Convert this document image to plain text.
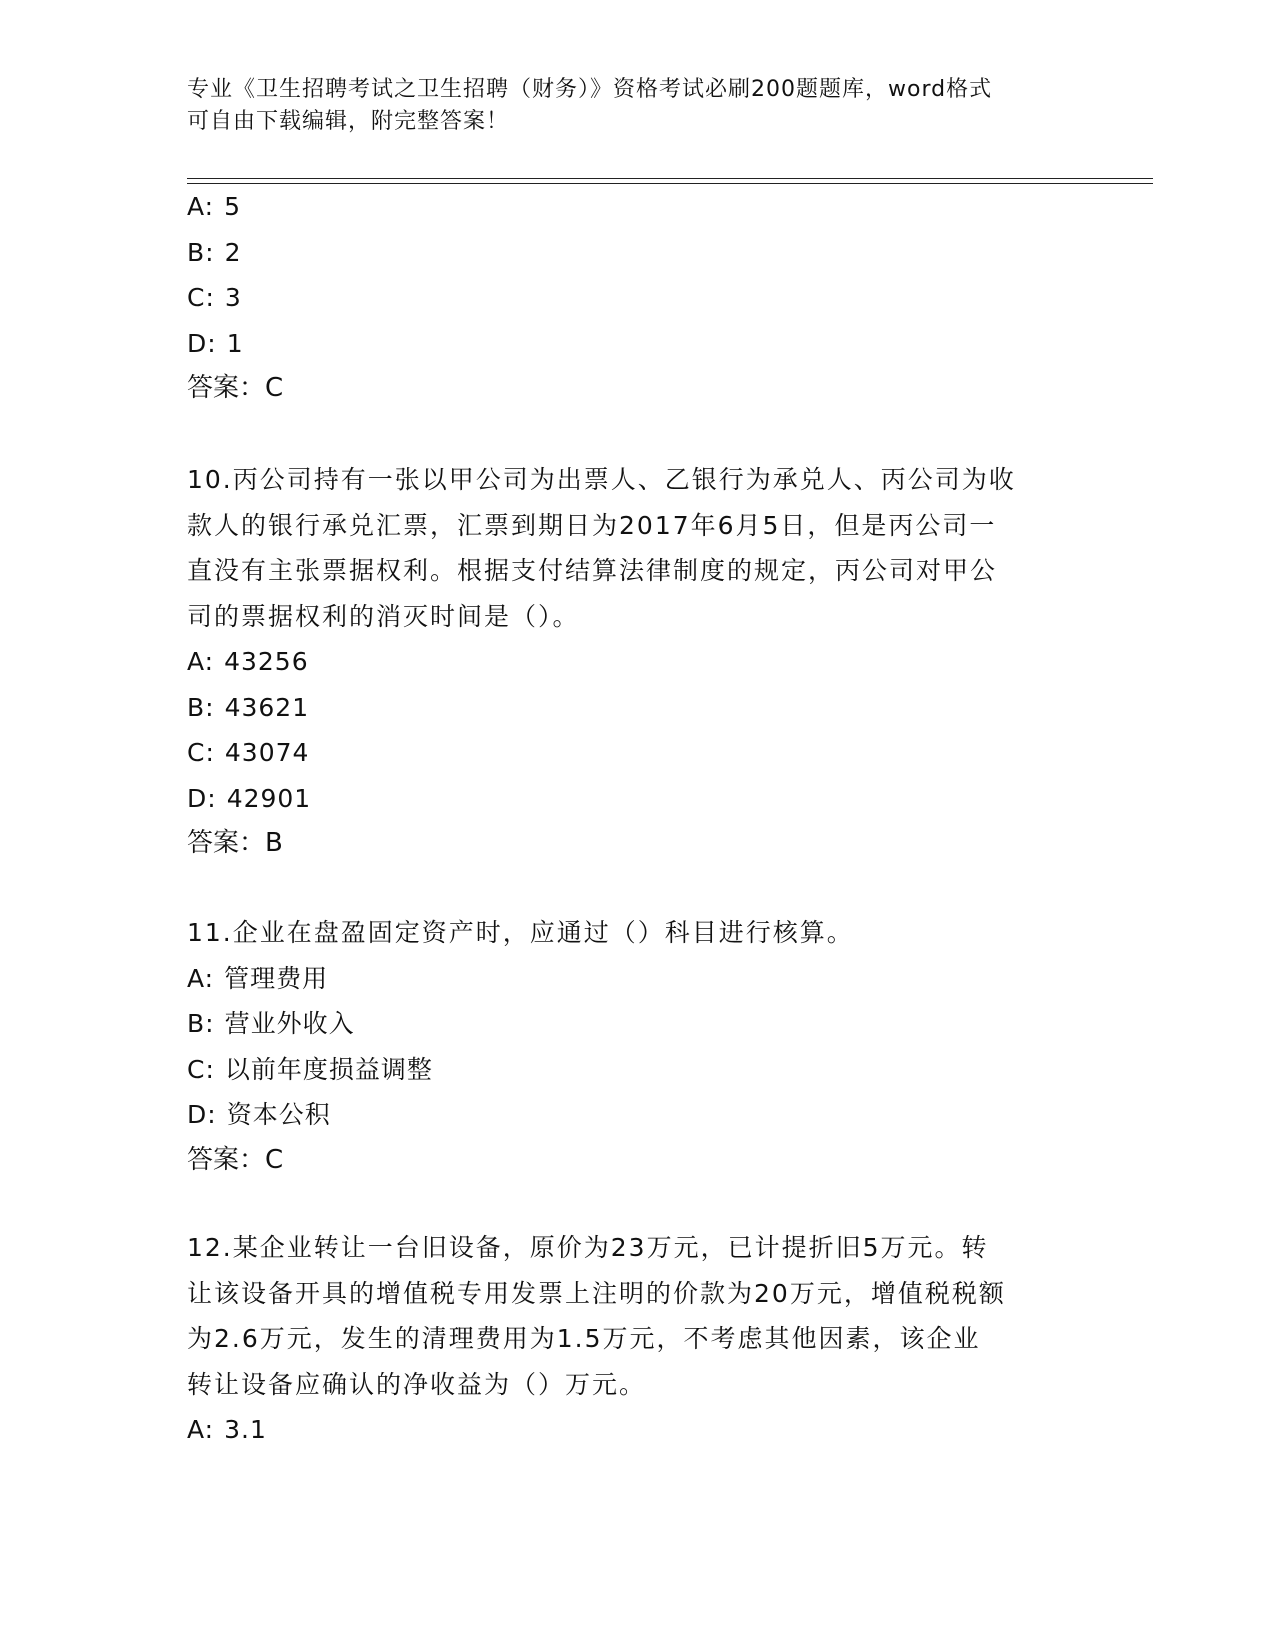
专业《卫生招聘考试之卫生招聘（财务）》资格考试必刷200题题库，word格式
可自由下载编辑，附完整答案！
A: 5
B: 2
C: 3
D: 1
答案：C
10.丙公司持有一张以甲公司为出票人、乙银行为承兑人、丙公司为收
款人的银行承兑汇票，汇票到期日为2017年6月5日，但是丙公司一
直没有主张票据权利。根据支付结算法律制度的规定，丙公司对甲公
司的票据权利的消灭时间是（）。
A: 43256
B: 43621
C: 43074
D: 42901
答案：B
11.企业在盘盈固定资产时，应通过（）科目进行核算。
A: 管理费用
B: 营业外收入
C: 以前年度损益调整
D: 资本公积
答案：C
12.某企业转让一台旧设备，原价为23万元，已计提折旧5万元。转
让该设备开具的增值税专用发票上注明的价款为20万元，增值税税额
为2.6万元，发生的清理费用为1.5万元，不考虑其他因素，该企业
转让设备应确认的净收益为（）万元。
A: 3.1
